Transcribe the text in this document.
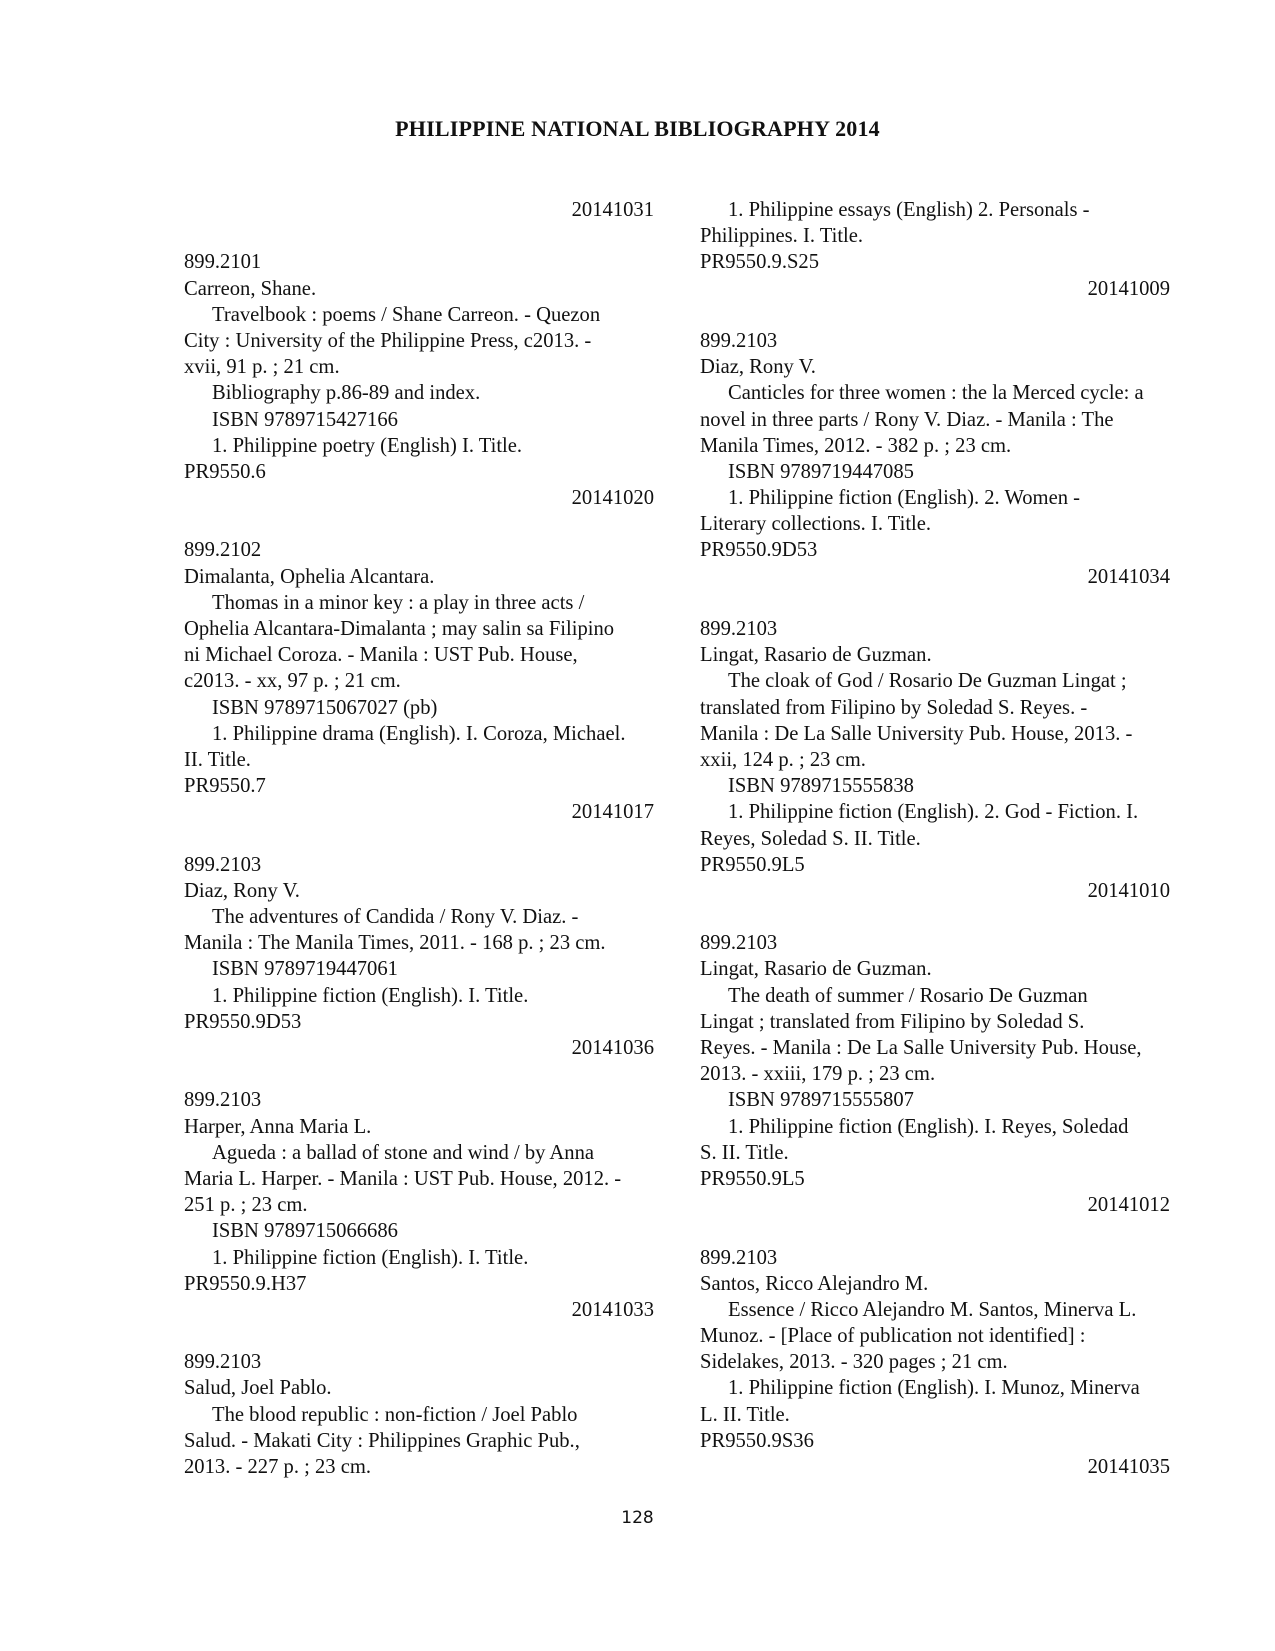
PHILIPPINE NATIONAL BIBLIOGRAPHY 2014
20141031
899.2101
Carreon, Shane.
Travelbook : poems / Shane Carreon. - Quezon
City : University of the Philippine Press, c2013. -
xvii, 91 p. ; 21 cm.
Bibliography p.86-89 and index.
ISBN 9789715427166
1. Philippine poetry (English) I. Title.
PR9550.6
20141020
899.2102
Dimalanta, Ophelia Alcantara.
Thomas in a minor key : a play in three acts /
Ophelia Alcantara-Dimalanta ; may salin sa Filipino
ni Michael Coroza. - Manila : UST Pub. House,
c2013. - xx, 97 p. ; 21 cm.
ISBN 9789715067027 (pb)
1. Philippine drama (English). I. Coroza, Michael.
II. Title.
PR9550.7
20141017
899.2103
Diaz, Rony V.
The adventures of Candida / Rony V. Diaz. -
Manila : The Manila Times, 2011. - 168 p. ; 23 cm.
ISBN 9789719447061
1. Philippine fiction (English). I. Title.
PR9550.9D53
20141036
899.2103
Harper, Anna Maria L.
Agueda : a ballad of stone and wind / by Anna
Maria L. Harper. - Manila : UST Pub. House, 2012. -
251 p. ; 23 cm.
ISBN 9789715066686
1. Philippine fiction (English). I. Title.
PR9550.9.H37
20141033
899.2103
Salud, Joel Pablo.
The blood republic : non-fiction / Joel Pablo
Salud. - Makati City : Philippines Graphic Pub.,
2013. - 227 p. ; 23 cm.
1. Philippine essays (English) 2. Personals -
Philippines. I. Title.
PR9550.9.S25
20141009
899.2103
Diaz, Rony V.
Canticles for three women : the la Merced cycle: a
novel in three parts / Rony V. Diaz. - Manila : The
Manila Times, 2012. - 382 p. ; 23 cm.
ISBN 9789719447085
1. Philippine fiction (English). 2. Women -
Literary collections. I. Title.
PR9550.9D53
20141034
899.2103
Lingat, Rasario de Guzman.
The cloak of God / Rosario De Guzman Lingat ;
translated from Filipino by Soledad S. Reyes. -
Manila : De La Salle University Pub. House, 2013. -
xxii, 124 p. ; 23 cm.
ISBN 9789715555838
1. Philippine fiction (English). 2. God - Fiction. I.
Reyes, Soledad S. II. Title.
PR9550.9L5
20141010
899.2103
Lingat, Rasario de Guzman.
The death of summer / Rosario De Guzman
Lingat ; translated from Filipino by Soledad S.
Reyes. - Manila : De La Salle University Pub. House,
2013. - xxiii, 179 p. ; 23 cm.
ISBN 9789715555807
1. Philippine fiction (English). I. Reyes, Soledad
S. II. Title.
PR9550.9L5
20141012
899.2103
Santos, Ricco Alejandro M.
Essence / Ricco Alejandro M. Santos, Minerva L.
Munoz. - [Place of publication not identified] :
Sidelakes, 2013. - 320 pages ; 21 cm.
1. Philippine fiction (English). I. Munoz, Minerva
L. II. Title.
PR9550.9S36
20141035
128
